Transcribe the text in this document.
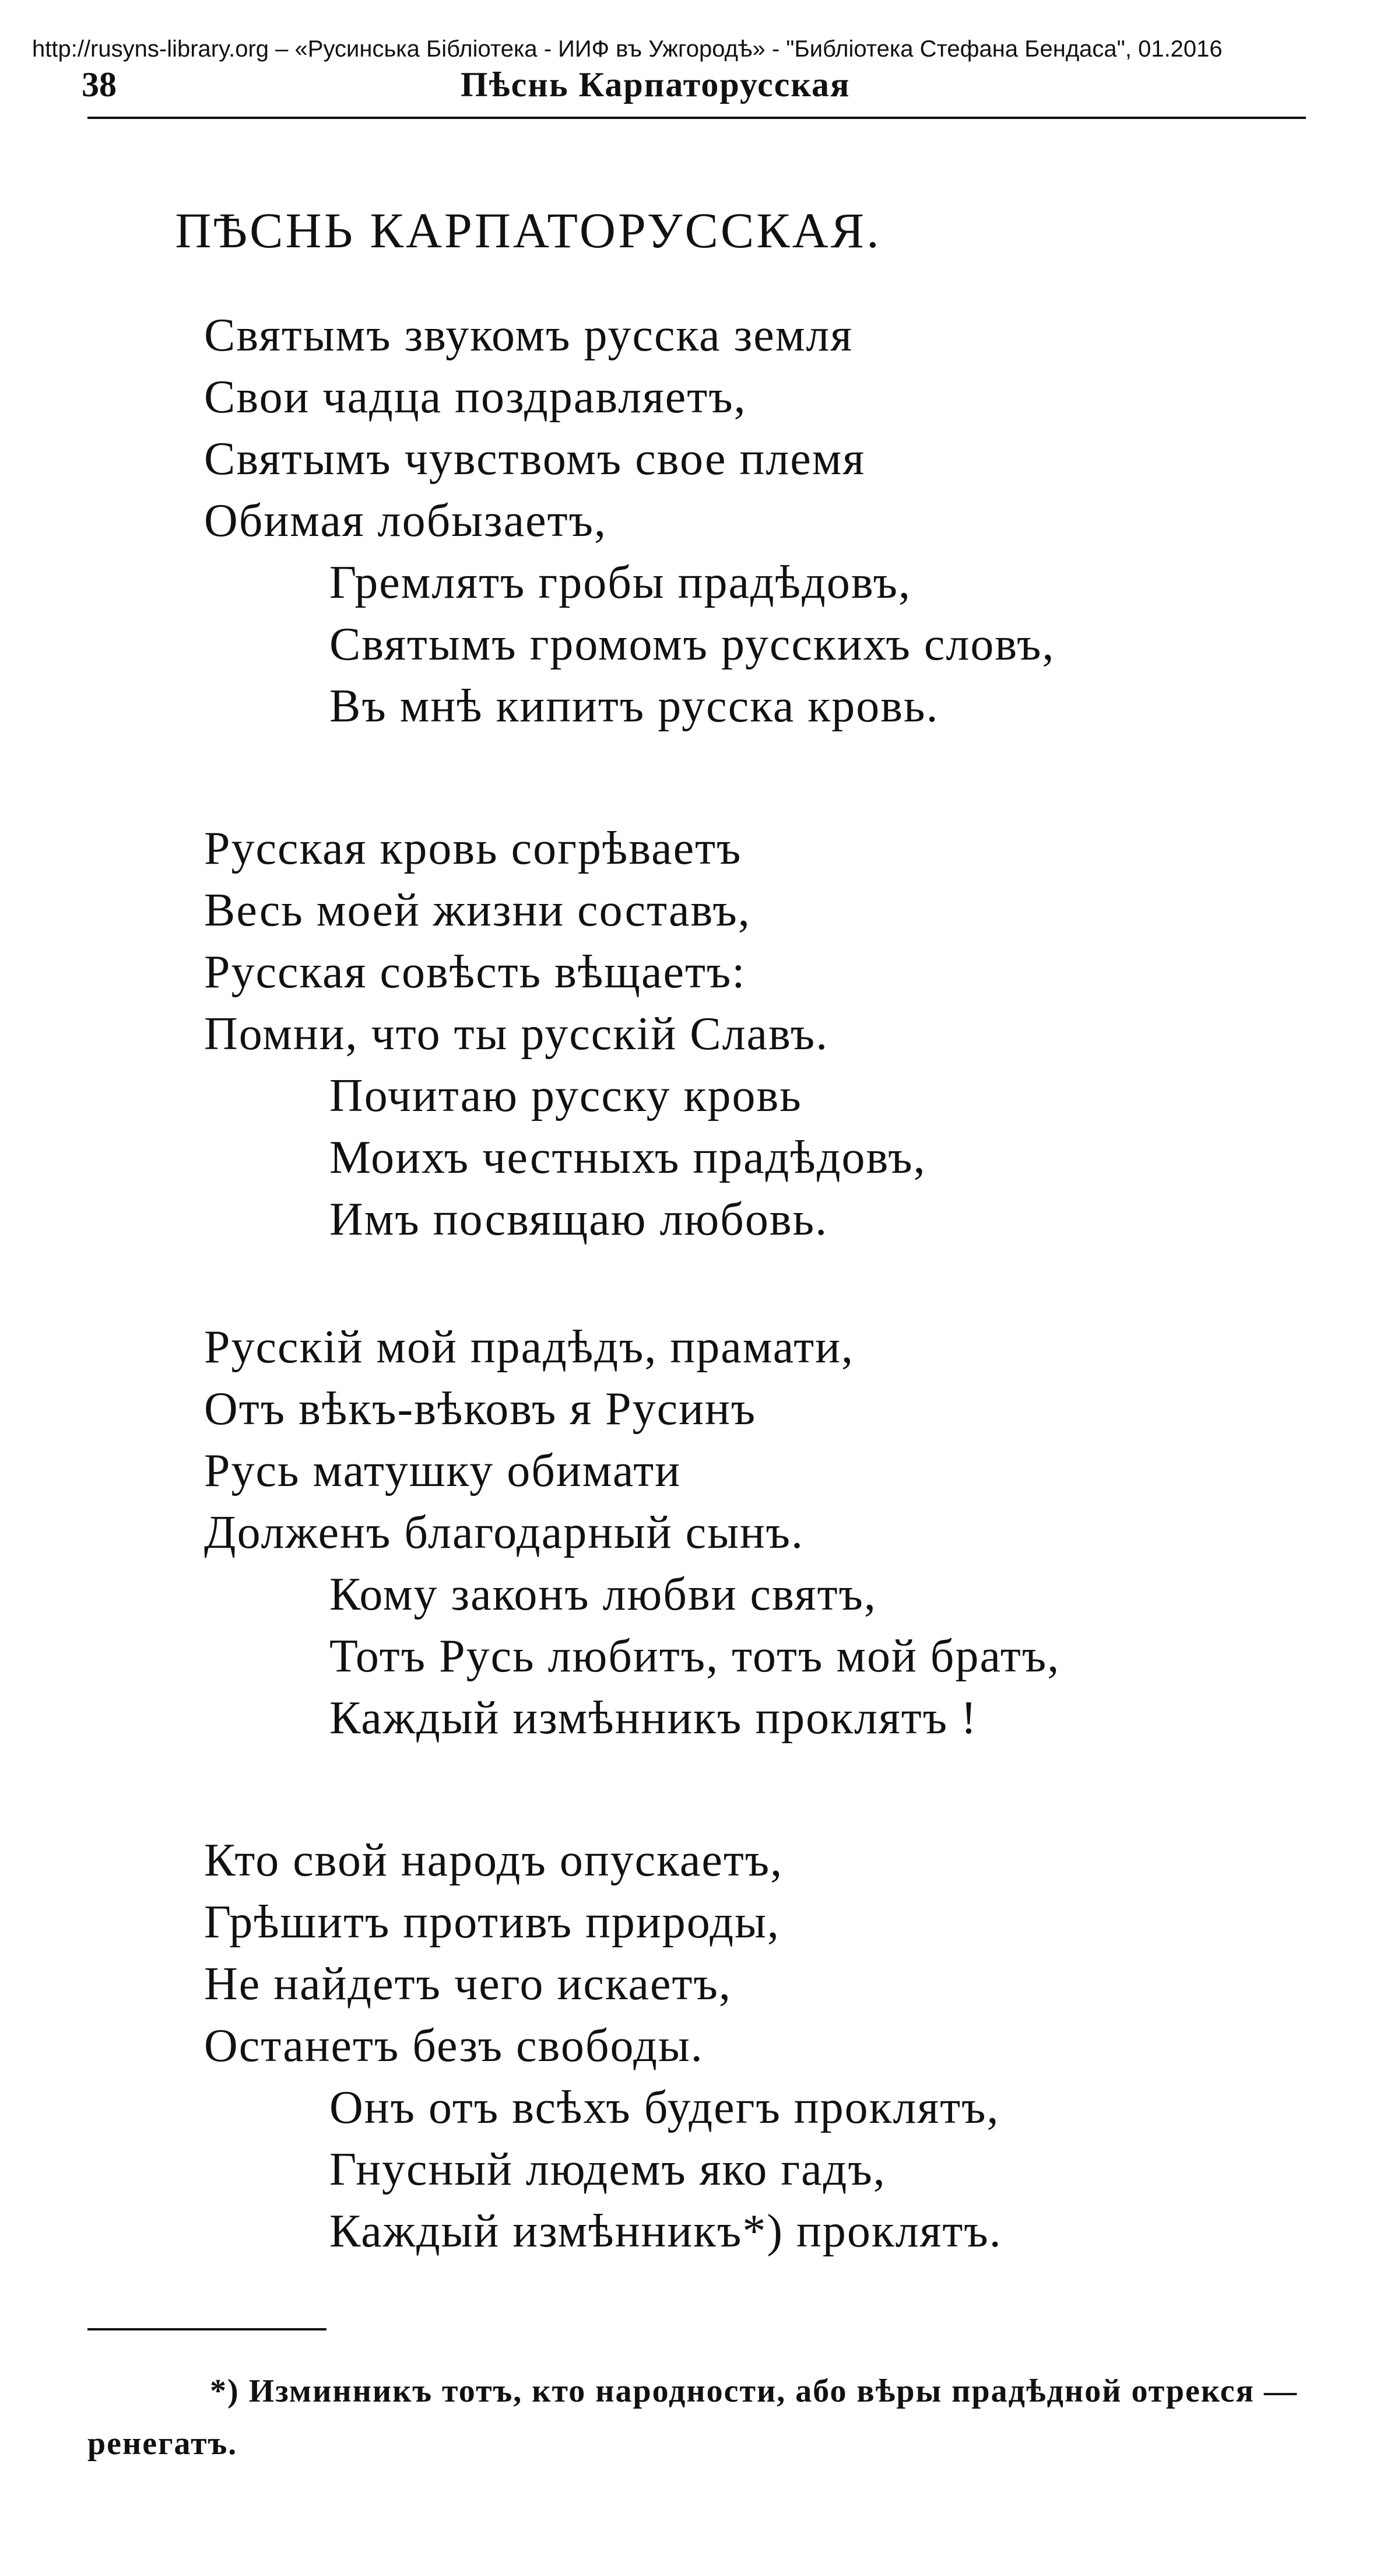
http://rusyns-library.org – «Русинська Бібліотека - ИИФ въ Ужгородѣ» - "Библіотека Стефана Бендаса", 01.2016
38	Пѣснь Карпаторусская
ПѢСНЬ КАРПАТОРУССКАЯ.
Святымъ звукомъ русска земля
Свои чадца поздравляетъ,
Святымъ чувствомъ свое племя
Обимая лобызаетъ,
Гремлятъ гробы прадѣдовъ,
Святымъ громомъ русскихъ словъ,
Въ мнѣ кипитъ русска кровь.
Русская кровь согрѣваетъ
Весь моей жизни составъ,
Русская совѣсть вѣщаетъ:
Помни, что ты русскій Славъ.
Почитаю русску кровь
Моихъ честныхъ прадѣдовъ,
Имъ посвящаю любовь.
Русскій мой прадѣдъ, прамати,
Отъ вѣкъ-вѣковъ я Русинъ
Русь матушку обимати
Долженъ благодарный сынъ.
Кому законъ любви святъ,
Тотъ Русь любитъ, тотъ мой братъ,
Каждый измѣнникъ проклятъ !
Кто свой народъ опускаетъ,
Грѣшитъ противъ природы,
Не найдетъ чего искаетъ,
Останетъ безъ свободы.
Онъ отъ всѣхъ будегъ проклятъ,
Гнусный людемъ яко гадъ,
Каждый измѣнникъ*) проклятъ.
*) Изминникъ тотъ, кто народности, або вѣры прадѣдной отрекся — ренегатъ.
